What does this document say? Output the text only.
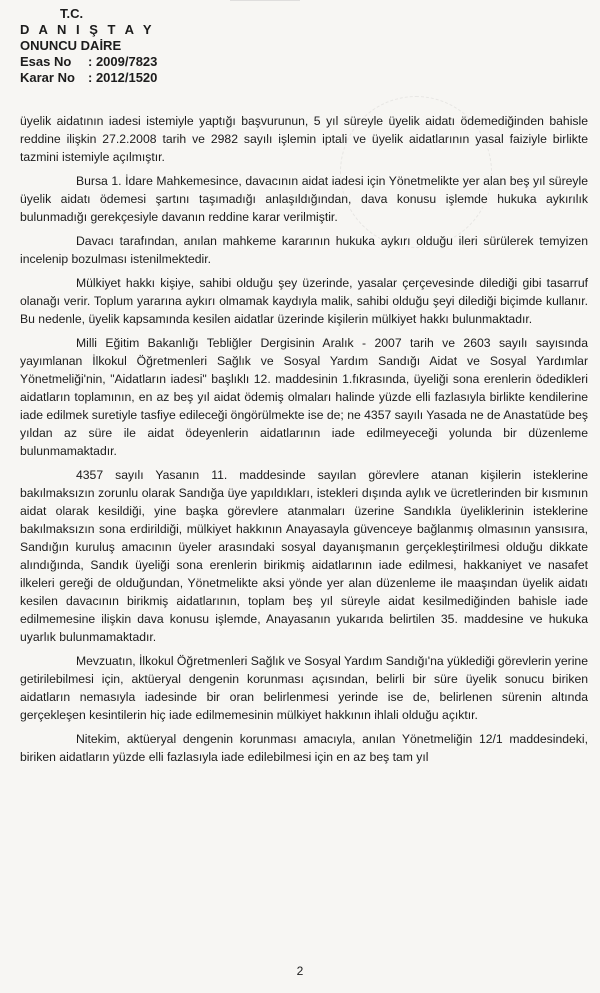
T.C.
D A N I Ş T A Y
ONUNCU DAİRE
Esas No	: 2009/7823
Karar No	: 2012/1520

üyelik aidatının iadesi istemiyle yaptığı başvurunun, 5 yıl süreyle üyelik aidatı ödemediğinden bahisle reddine ilişkin 27.2.2008 tarih ve 2982 sayılı işlemin iptali ve üyelik aidatlarının yasal faiziyle birlikte tazmini istemiyle açılmıştır.

Bursa 1. İdare Mahkemesince, davacının aidat iadesi için Yönetmelikte yer alan beş yıl süreyle üyelik aidatı ödemesi şartını taşımadığı anlaşıldığından, dava konusu işlemde hukuka aykırılık bulunmadığı gerekçesiyle davanın reddine karar verilmiştir.

Davacı tarafından, anılan mahkeme kararının hukuka aykırı olduğu ileri sürülerek temyizen incelenip bozulması istenilmektedir.

Mülkiyet hakkı kişiye, sahibi olduğu şey üzerinde, yasalar çerçevesinde dilediği gibi tasarruf olanağı verir. Toplum yararına aykırı olmamak kaydıyla malik, sahibi olduğu şeyi dilediği biçimde kullanır. Bu nedenle, üyelik kapsamında kesilen aidatlar üzerinde kişilerin mülkiyet hakkı bulunmaktadır.

Milli Eğitim Bakanlığı Tebliğler Dergisinin Aralık - 2007 tarih ve 2603 sayılı sayısında yayımlanan İlkokul Öğretmenleri Sağlık ve Sosyal Yardım Sandığı Aidat ve Sosyal Yardımlar Yönetmeliği'nin, "Aidatların iadesi" başlıklı 12. maddesinin 1.fıkrasında, üyeliği sona erenlerin ödedikleri aidatların toplamının, en az beş yıl aidat ödemiş olmaları halinde yüzde elli fazlasıyla birlikte kendilerine iade edilmek suretiyle tasfiye edileceği öngörülmekte ise de; ne 4357 sayılı Yasada ne de Anastatüde beş yıldan az süre ile aidat ödeyenlerin aidatlarının iade edilmeyeceği yolunda bir düzenleme bulunmamaktadır.

4357 sayılı Yasanın 11. maddesinde sayılan görevlere atanan kişilerin isteklerine bakılmaksızın zorunlu olarak Sandığa üye yapıldıkları, istekleri dışında aylık ve ücretlerinden bir kısmının aidat olarak kesildiği, yine başka görevlere atanmaları üzerine Sandıkla üyeliklerinin isteklerine bakılmaksızın sona erdirildiği, mülkiyet hakkının Anayasayla güvenceye bağlanmış olmasının yansısıra, Sandığın kuruluş amacının üyeler arasındaki sosyal dayanışmanın gerçekleştirilmesi olduğu dikkate alındığında, Sandık üyeliği sona erenlerin birikmiş aidatlarının iade edilmesi, hakkaniyet ve nasafet ilkeleri gereği de olduğundan, Yönetmelikte aksi yönde yer alan düzenleme ile maaşından üyelik aidatı kesilen davacının birikmiş aidatlarının, toplam beş yıl süreyle aidat kesilmediğinden bahisle iade edilmemesine ilişkin dava konusu işlemde, Anayasanın yukarıda belirtilen 35. maddesine ve hukuka uyarlık bulunmamaktadır.

Mevzuatın, İlkokul Öğretmenleri Sağlık ve Sosyal Yardım Sandığı'na yüklediği görevlerin yerine getirilebilmesi için, aktüeryal dengenin korunması açısından, belirli bir süre üyelik sonucu biriken aidatların nemasıyla iadesinde bir oran belirlenmesi yerinde ise de, belirlenen sürenin altında gerçekleşen kesintilerin hiç iade edilmemesinin mülkiyet hakkının ihlali olduğu açıktır.

Nitekim, aktüeryal dengenin korunması amacıyla, anılan Yönetmeliğin 12/1 maddesindeki, biriken aidatların yüzde elli fazlasıyla iade edilebilmesi için en az beş tam yıl

2
